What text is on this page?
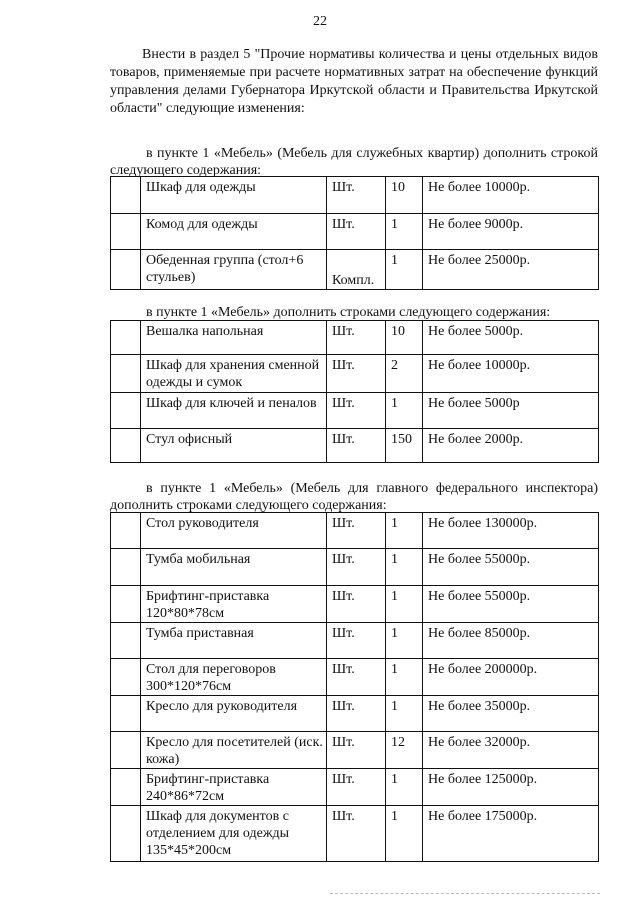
22

Внести в раздел 5 "Прочие нормативы количества и цены отдельных видов товаров, применяемые при расчете нормативных затрат на обеспечение функций управления делами Губернатора Иркутской области и Правительства Иркутской области" следующие изменения:

в пункте 1 «Мебель» (Мебель для служебных квартир) дополнить строкой следующего содержания:

	Шкаф для одежды	Шт.	10	Не более 10000р.
	Комод для одежды	Шт.	1	Не более 9000р.
	Обеденная группа (стол+6 стульев)	Компл.	1	Не более 25000р.

в пункте 1 «Мебель» дополнить строками следующего содержания:

	Вешалка напольная	Шт.	10	Не более 5000р.
	Шкаф для хранения сменной одежды и сумок	Шт.	2	Не более 10000р.
	Шкаф для ключей и пеналов	Шт.	1	Не более 5000р
	Стул офисный	Шт.	150	Не более 2000р.

в пункте 1 «Мебель» (Мебель для главного федерального инспектора) дополнить строками следующего содержания:

	Стол руководителя	Шт.	1	Не более 130000р.
	Тумба мобильная	Шт.	1	Не более 55000р.
	Брифтинг-приставка 120*80*78см	Шт.	1	Не более 55000р.
	Тумба приставная	Шт.	1	Не более 85000р.
	Стол для переговоров 300*120*76см	Шт.	1	Не более 200000р.
	Кресло для руководителя	Шт.	1	Не более 35000р.
	Кресло для посетителей (иск. кожа)	Шт.	12	Не более 32000р.
	Брифтинг-приставка 240*86*72см	Шт.	1	Не более 125000р.
	Шкаф для документов с отделением для одежды 135*45*200см	Шт.	1	Не более 175000р.
